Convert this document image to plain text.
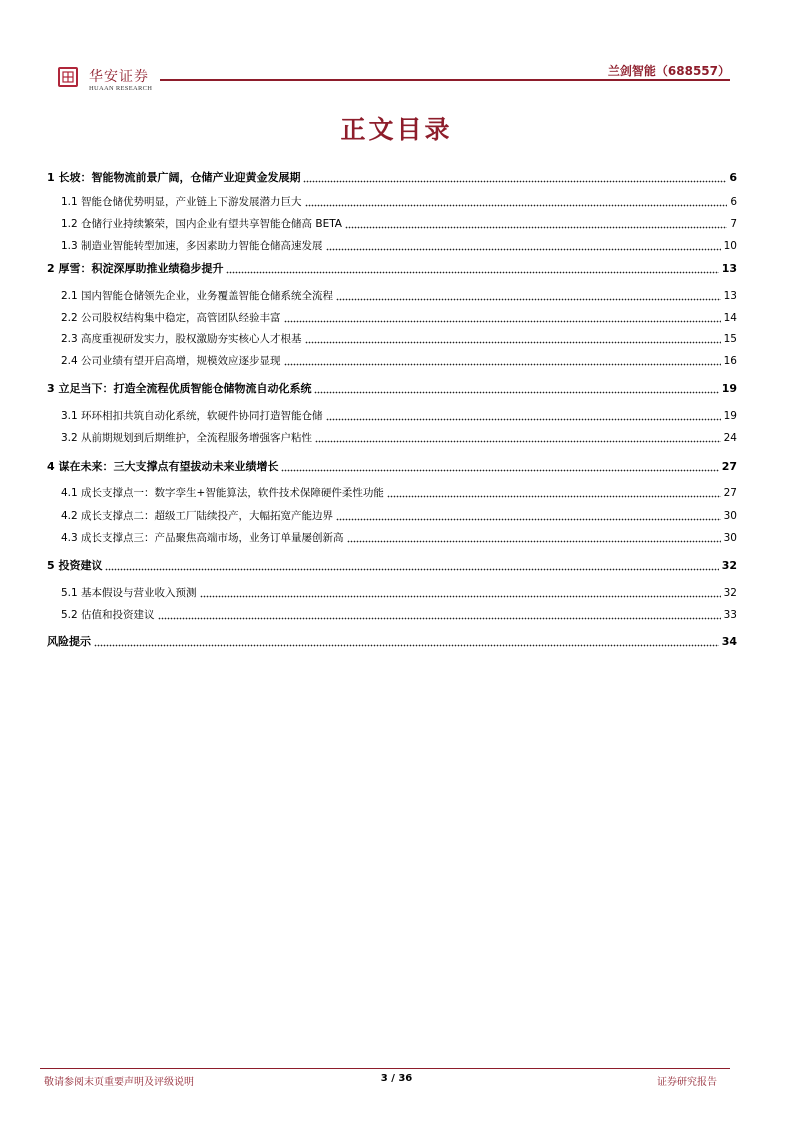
华安证券
HUAAN RESEARCH
兰剑智能（688557）
正文目录
1 长坡：智能物流前景广阔，仓储产业迎黄金发展期	6
1.1 智能仓储优势明显，产业链上下游发展潜力巨大	6
1.2 仓储行业持续繁荣，国内企业有望共享智能仓储高 BETA	7
1.3 制造业智能转型加速，多因素助力智能仓储高速发展	10
2 厚雪：积淀深厚助推业绩稳步提升	13
2.1 国内智能仓储领先企业，业务覆盖智能仓储系统全流程	13
2.2 公司股权结构集中稳定，高管团队经验丰富	14
2.3 高度重视研发实力，股权激励夯实核心人才根基	15
2.4 公司业绩有望开启高增，规模效应逐步显现	16
3 立足当下：打造全流程优质智能仓储物流自动化系统	19
3.1 环环相扣共筑自动化系统，软硬件协同打造智能仓储	19
3.2 从前期规划到后期维护，全流程服务增强客户粘性	24
4 谋在未来：三大支撑点有望拔动未来业绩增长	27
4.1 成长支撑点一：数字孪生+智能算法，软件技术保障硬件柔性功能	27
4.2 成长支撑点二：超级工厂陆续投产，大幅拓宽产能边界	30
4.3 成长支撑点三：产品聚焦高端市场，业务订单量屡创新高	30
5 投资建议	32
5.1 基本假设与营业收入预测	32
5.2 估值和投资建议	33
风险提示	34
敬请参阅末页重要声明及评级说明	3 / 36	证券研究报告
